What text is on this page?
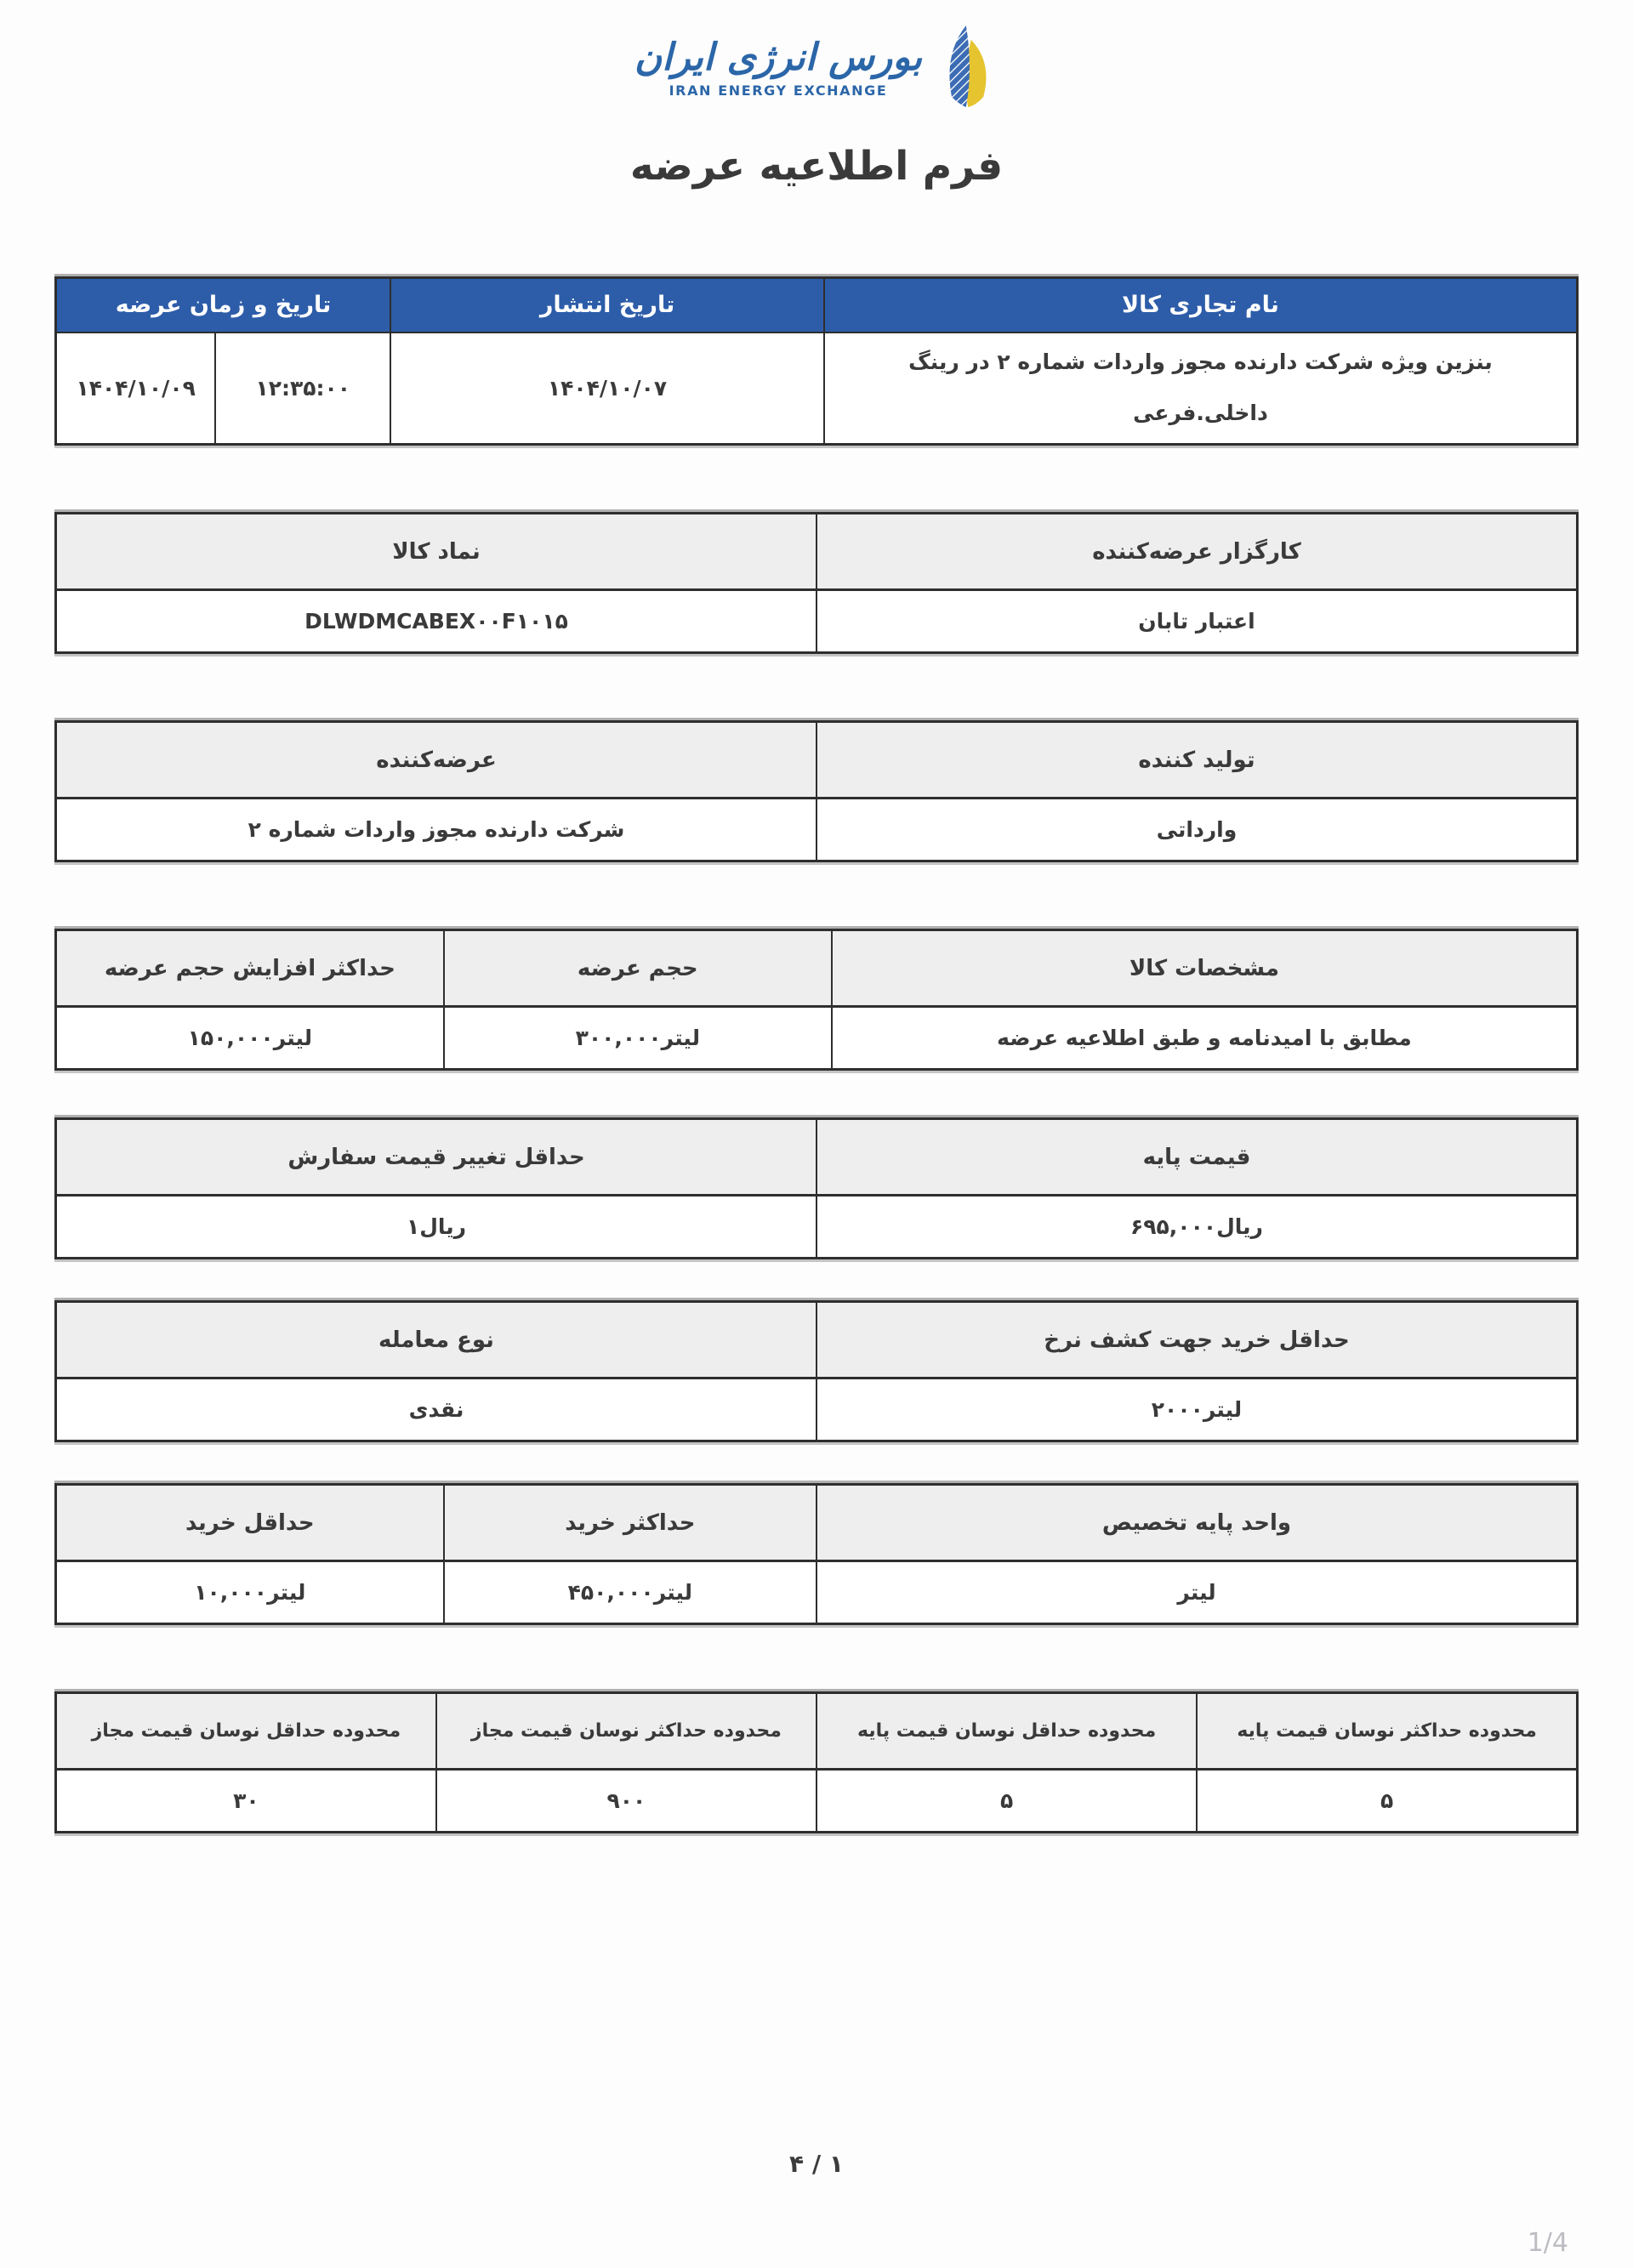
بورس انرژی ایران
IRAN ENERGY EXCHANGE
فرم اطلاعیه عرضه
نام تجاری کالا	تاریخ انتشار	تاریخ و زمان عرضه	
بنزین ویژه شرکت دارنده مجوز واردات شماره ۲ در رینگ داخلی.فرعی	۱۴۰۴/۱۰/۰۷	۱۲:۳۵:۰۰	۱۴۰۴/۱۰/۰۹
کارگزار عرضه‌کننده	نماد کالا
اعتبار تابان	DLWDMCABEX۰۰F۱۰۱۵
تولید کننده	عرضه‌کننده
وارداتی	شرکت دارنده مجوز واردات شماره ۲
مشخصات کالا	حجم عرضه	حداکثر افزایش حجم عرضه
مطابق با امیدنامه و طبق اطلاعیه عرضه	لیتر۳۰۰,۰۰۰	لیتر۱۵۰,۰۰۰
قیمت پایه	حداقل تغییر قیمت سفارش
ریال۶۹۵,۰۰۰	ریال۱
حداقل خرید جهت کشف نرخ	نوع معامله
لیتر۲۰۰۰	نقدی
واحد پایه تخصیص	حداکثر خرید	حداقل خرید
لیتر	لیتر۴۵۰,۰۰۰	لیتر۱۰,۰۰۰
محدوده حداکثر نوسان قیمت پایه	محدوده حداقل نوسان قیمت پایه	محدوده حداکثر نوسان قیمت مجاز	محدوده حداقل نوسان قیمت مجاز
۵	۵	۹۰۰	۳۰
۴ / ۱
1/4
